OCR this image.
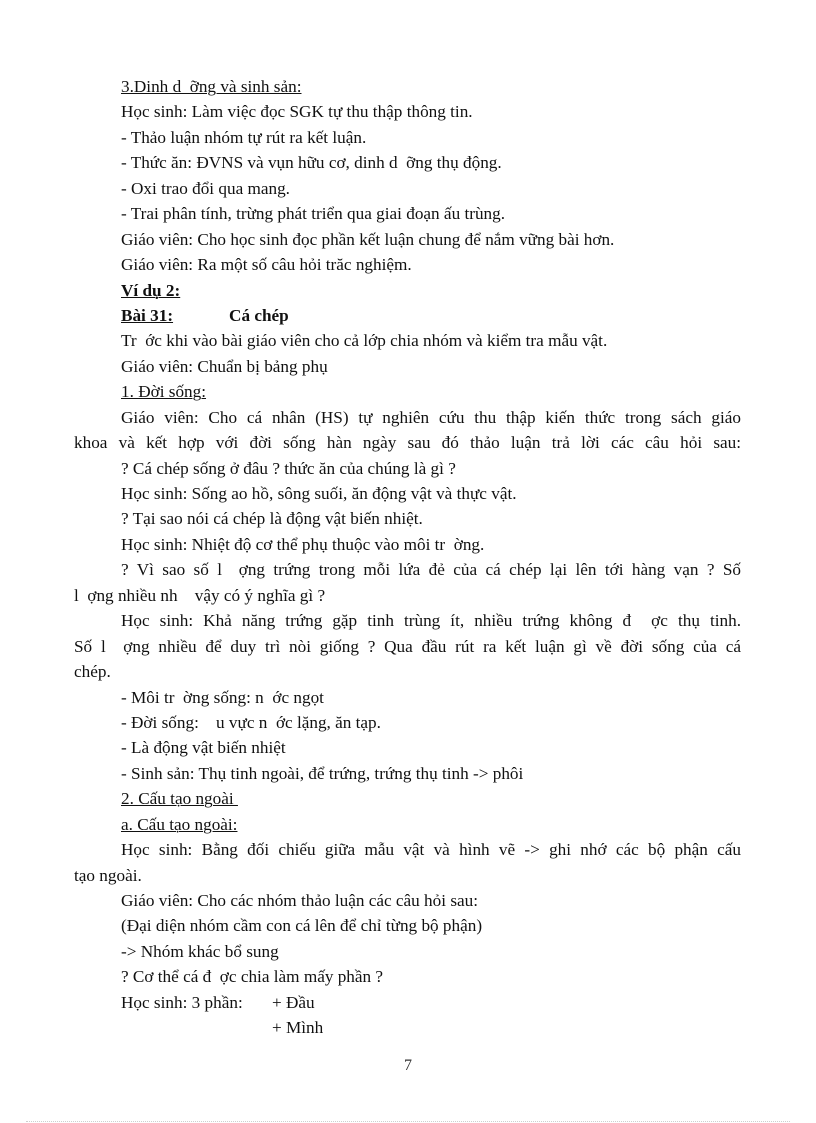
3.Dinh d  ỡng và sinh sản:
Học sinh: Làm việc đọc SGK tự thu thập thông tin.
- Thảo luận nhóm tự rút ra kết luận.
- Thức ăn: ĐVNS và vụn hữu cơ, dinh d  ỡng thụ động.
- Oxi trao đổi qua mang.
- Trai phân tính, trừng phát triển qua giai đoạn ấu trùng.
Giáo viên: Cho học sinh đọc phần kết luận chung để nắm vững bài hơn.
Giáo viên: Ra một số câu hỏi trăc nghiệm.
Ví dụ 2:
Bài 31:	Cá chép
Tr  ớc khi vào bài giáo viên cho cả lớp chia nhóm và kiểm tra mẫu vật.
Giáo viên: Chuẩn bị bảng phụ
1. Đời sống:
Giáo viên: Cho cá nhân (HS) tự nghiên cứu thu thập kiến thức trong sách giáo
khoa và kết hợp với đời sống hàn ngày sau đó thảo luận trả lời các câu hỏi sau:
? Cá chép sống ở đâu ? thức ăn của chúng là gì ?
Học sinh: Sống ao hồ, sông suối, ăn động vật và thực vật.
? Tại sao nói cá chép là động vật biến nhiệt.
Học sinh: Nhiệt độ cơ thể phụ thuộc vào môi tr  ờng.
? Vì sao số l  ợng trứng trong mỗi lứa đẻ của cá chép lại lên tới hàng vạn ? Số
l  ợng nhiều nh    vậy có ý nghĩa gì ?
Học sinh: Khả năng trứng gặp tinh trùng ít, nhiều trứng không đ  ợc thụ tinh.
Số l  ợng nhiều để duy trì nòi giống ? Qua đầu rút ra kết luận gì về đời sống của cá
chép.
- Môi tr  ờng sống: n  ớc ngọt
- Đời sống:    u vực n  ớc lặng, ăn tạp.
- Là động vật biến nhiệt
- Sinh sản: Thụ tinh ngoài, để trứng, trứng thụ tinh -> phôi
2. Cấu tạo ngoài
a. Cấu tạo ngoài:
Học sinh: Bằng đối chiếu giữa mẫu vật và hình vẽ -> ghi nhớ các bộ phận cấu
tạo ngoài.
Giáo viên: Cho các nhóm thảo luận các câu hỏi sau:
(Đại diện nhóm cầm con cá lên để chỉ từng bộ phận)
-> Nhóm khác bổ sung
? Cơ thể cá đ  ợc chia làm mấy phần ?
Học sinh: 3 phần: + Đầu
+ Mình
7
